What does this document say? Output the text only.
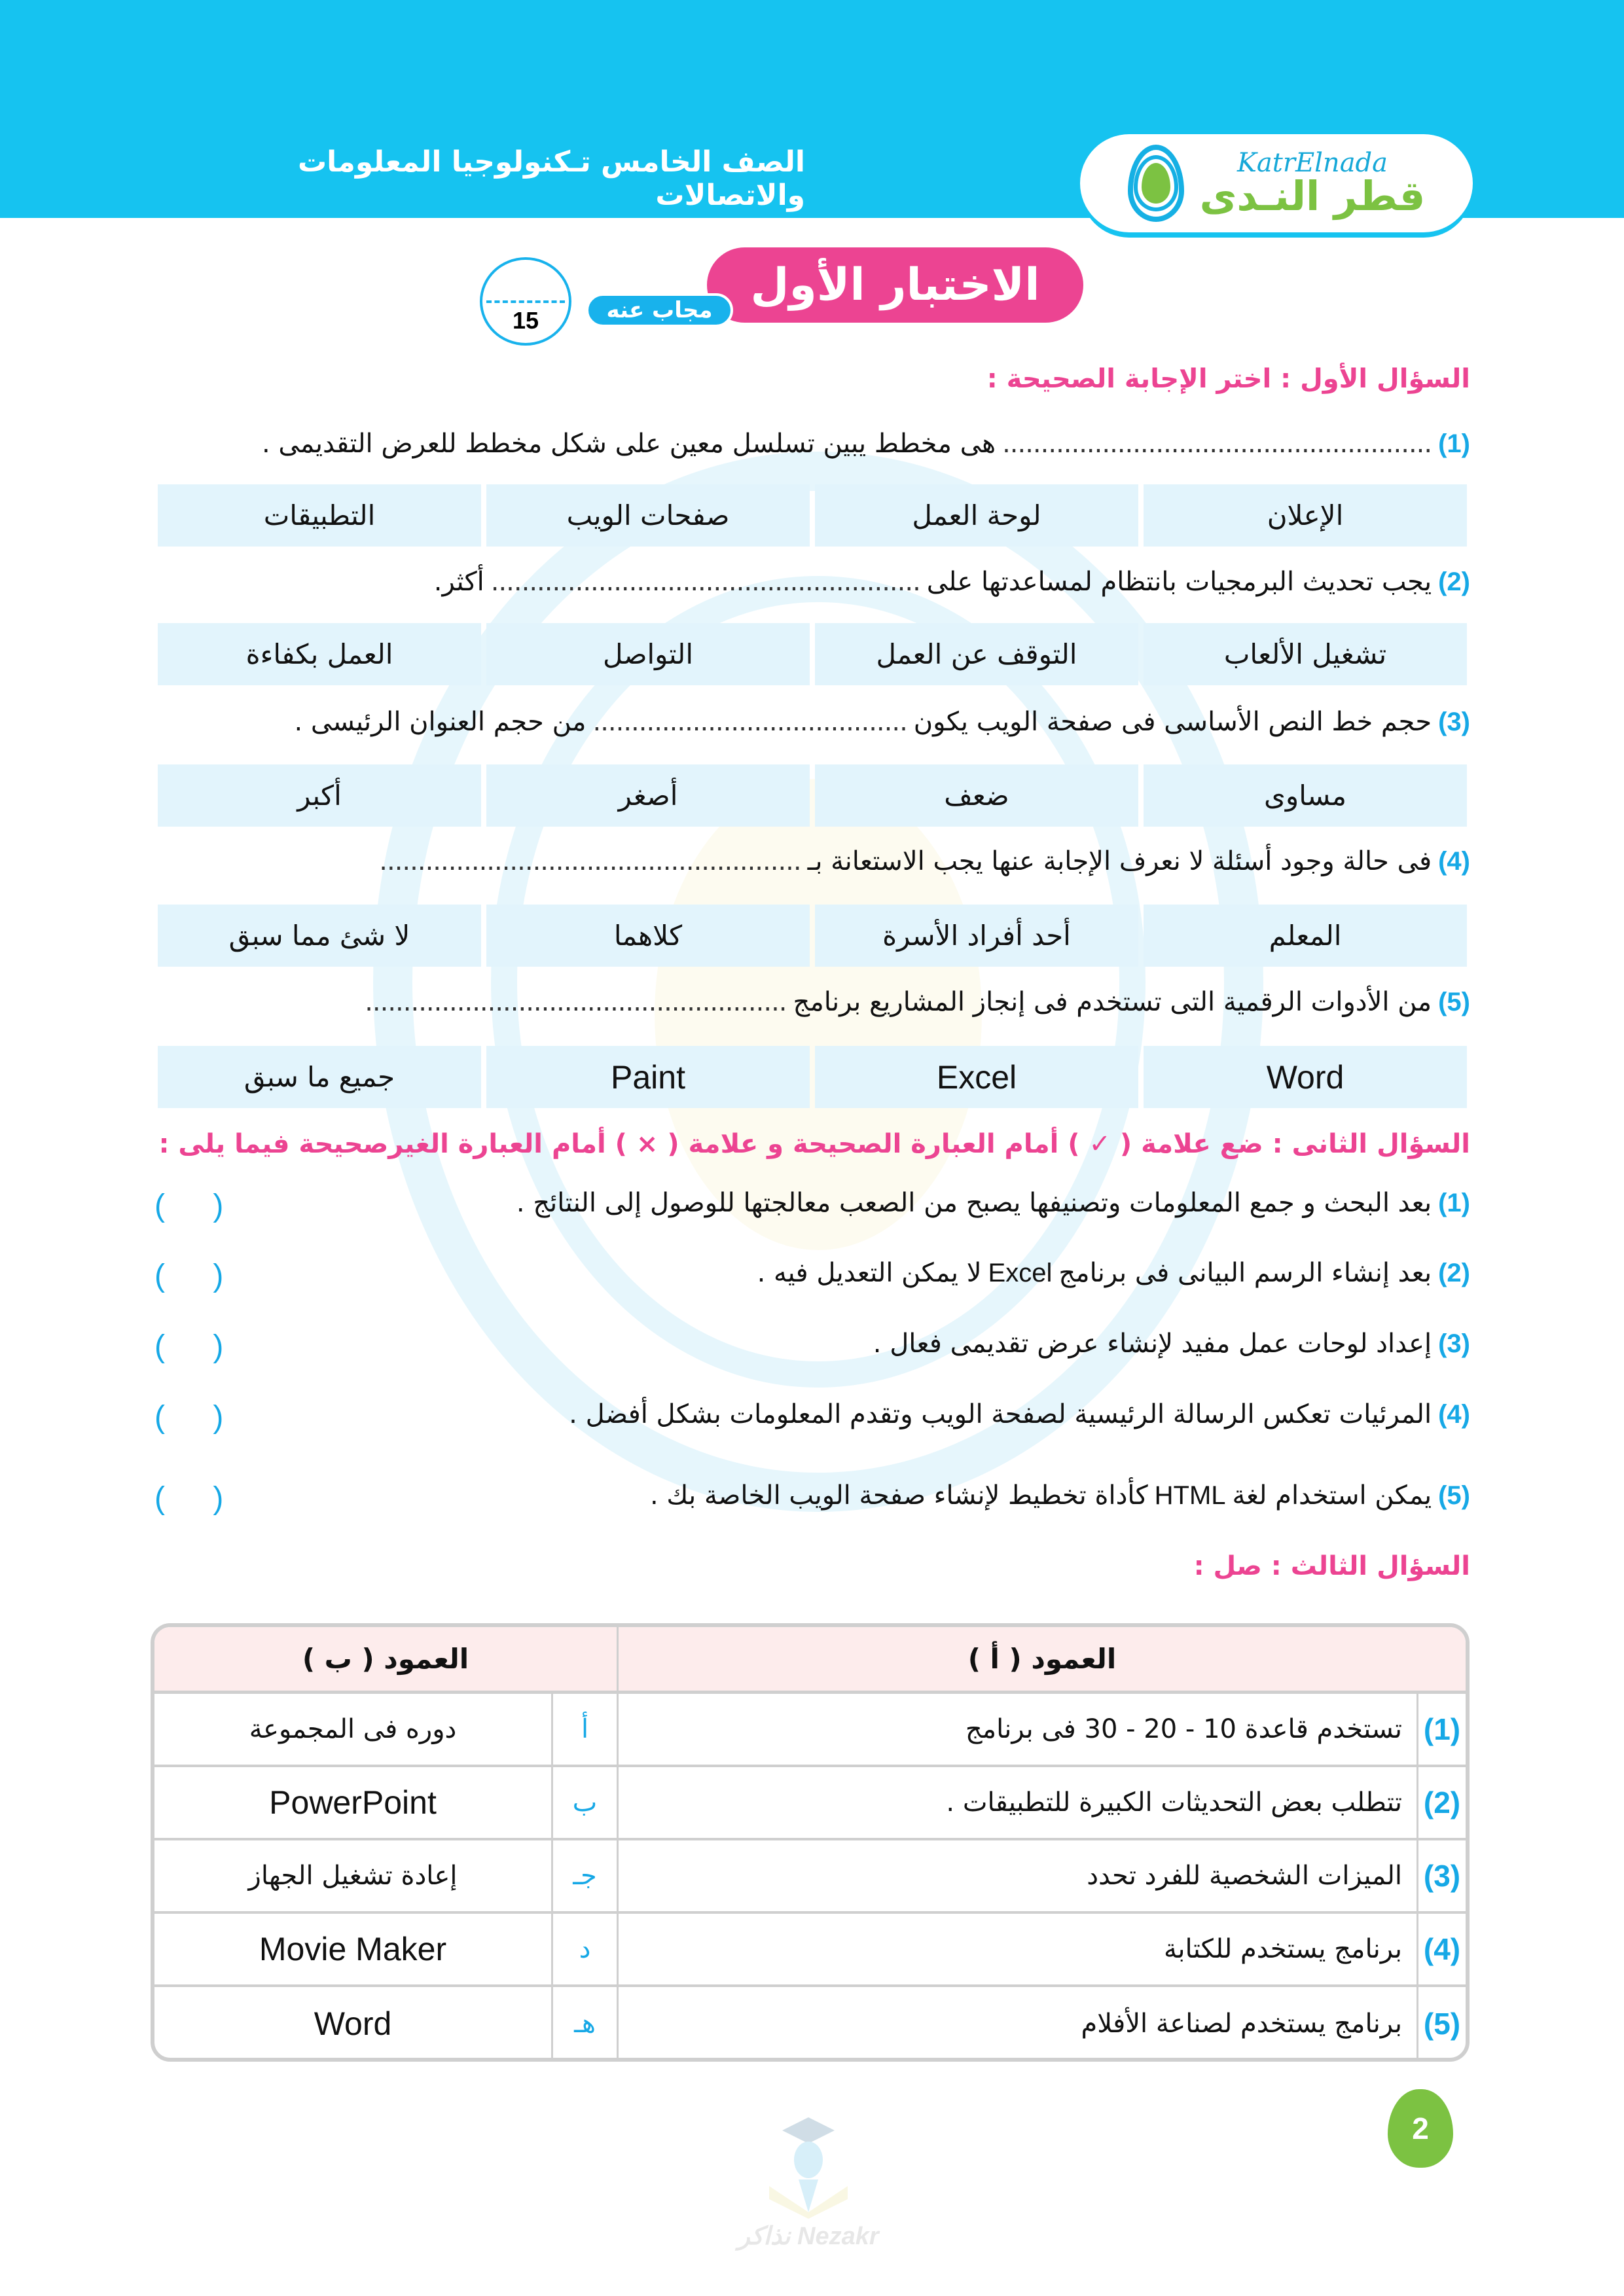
الصف الخامس تـكنولوجيا المعلومات والاتصالات
KatrElnada
قطر النـدى
الاختبار الأول
مجاب عنه
15
السؤال الأول : اختر الإجابة الصحيحة :
(1)
........................................................
هى مخطط يبين تسلسل معين على شكل مخطط للعرض التقديمى .
الإعلان
لوحة العمل
صفحات الويب
التطبيقات
(2)
يجب تحديث البرمجيات بانتظام لمساعدتها على
........................................................
أكثر.
تشغيل الألعاب
التوقف عن العمل
التواصل
العمل بكفاءة
(3)
حجم خط النص الأساسى فى صفحة الويب يكون
.........................................
من حجم العنوان الرئيسى .
مساوى
ضعف
أصغر
أكبر
(4)
فى حالة وجود أسئلة لا نعرف الإجابة عنها يجب الاستعانة بـ
.......................................................
المعلم
أحد أفراد الأسرة
كلاهما
لا شئ مما سبق
(5)
من الأدوات الرقمية التى تستخدم فى إنجاز المشاريع برنامج
.......................................................
Word
Excel
Paint
جميع ما سبق
السؤال الثانى : ضع علامة ( ✓ ) أمام العبارة الصحيحة و علامة ( × ) أمام العبارة الغيرصحيحة فيما يلى :
(1)
بعد البحث و جمع المعلومات وتصنيفها يصبح من الصعب معالجتها للوصول إلى النتائج .
( )
(2)
بعد إنشاء الرسم البيانى فى برنامج
Excel
لا يمكن التعديل فيه .
( )
(3)
إعداد لوحات عمل مفيد لإنشاء عرض تقديمى فعال .
( )
(4)
المرئيات تعكس الرسالة الرئيسية لصفحة الويب وتقدم المعلومات بشكل أفضل .
( )
(5)
يمكن استخدام لغة
HTML
كأداة تخطيط لإنشاء صفحة الويب الخاصة بك .
( )
السؤال الثالث : صل :
العمود ( أ )
العمود ( ب )
(1)
تستخدم قاعدة 10 - 20 - 30 فى برنامج
أ
دوره فى المجموعة
(2)
تتطلب بعض التحديثات الكبيرة للتطبيقات .
ب
PowerPoint
(3)
الميزات الشخصية للفرد تحدد
جـ
إعادة تشغيل الجهاز
(4)
برنامج يستخدم للكتابة
د
Movie Maker
(5)
برنامج يستخدم لصناعة الأفلام
هـ
Word
Nezakr نذاكر
2
